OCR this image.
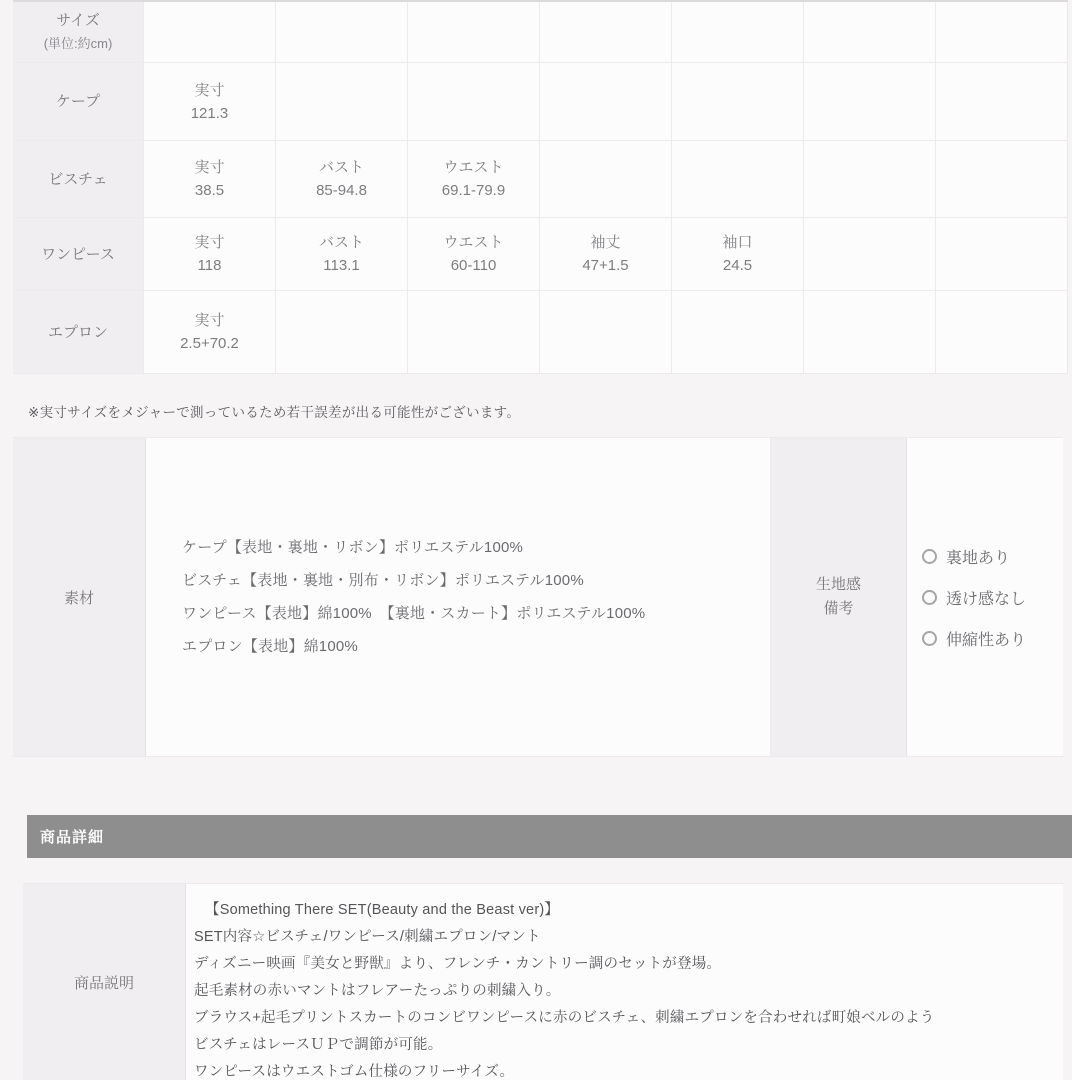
サイズ
(単位:約cm)
ケープ
実寸
121.3
ビスチェ
実寸
38.5
バスト
85-94.8
ウエスト
69.1-79.9
ワンピース
実寸
118
バスト
113.1
ウエスト
60-110
袖丈
47+1.5
袖口
24.5
エプロン
実寸
2.5+70.2
※実寸サイズをメジャーで測っているため若干誤差が出る可能性がございます。
素材
ケープ【表地・裏地・リボン】ポリエステル100%
ビスチェ【表地・裏地・別布・リボン】ポリエステル100%
ワンピース【表地】綿100%　【裏地・スカート】ポリエステル100%
エプロン【表地】綿100%
生地感
備考
裏地あり
透け感なし
伸縮性あり
商品詳細
商品説明
【Something There SET(Beauty and the Beast ver)】
SET内容☆ビスチェ/ワンピース/刺繍エプロン/マント
ディズニー映画『美女と野獣』より、フレンチ・カントリー調のセットが登場。
起毛素材の赤いマントはフレアーたっぷりの刺繍入り。
ブラウス+起毛プリントスカートのコンビワンピースに赤のビスチェ、刺繍エプロンを合わせれば町娘ベルのよう
ビスチェはレースＵＰで調節が可能。
ワンピースはウエストゴム仕様のフリーサイズ。
